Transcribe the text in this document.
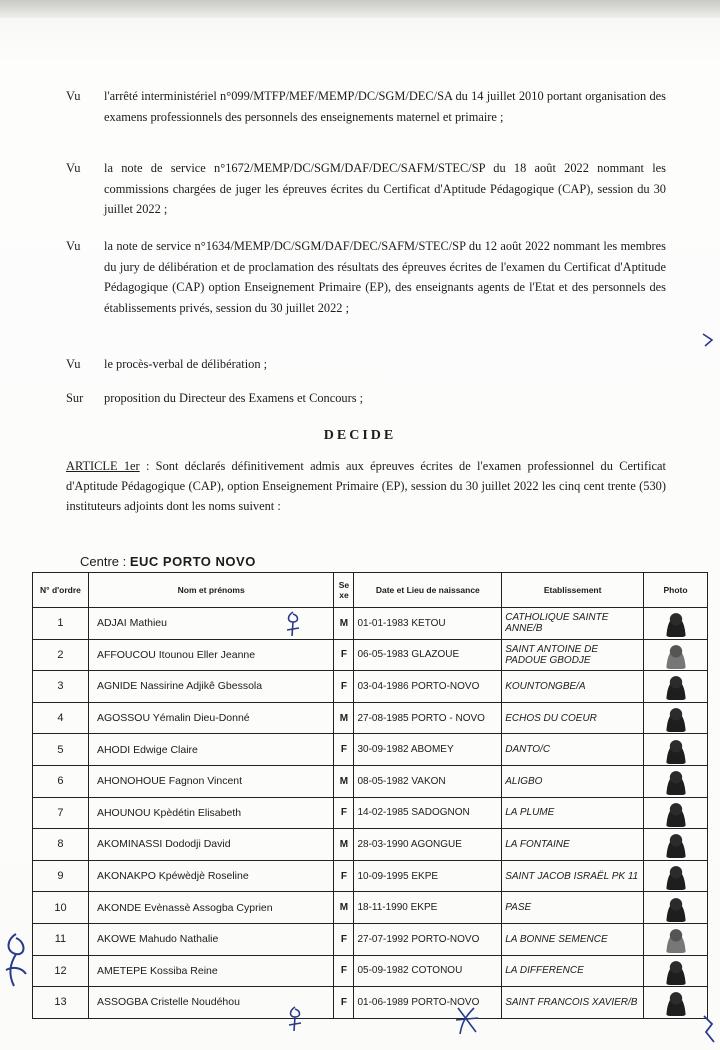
Vu	l'arrêté interministériel n°099/MTFP/MEF/MEMP/DC/SGM/DEC/SA du 14 juillet 2010 portant organisation des examens professionnels des personnels des enseignements maternel et primaire ;
Vu	la note de service n°1672/MEMP/DC/SGM/DAF/DEC/SAFM/STEC/SP du 18 août 2022 nommant les commissions chargées de juger les épreuves écrites du Certificat d'Aptitude Pédagogique (CAP), session du 30 juillet 2022 ;
Vu	la note de service n°1634/MEMP/DC/SGM/DAF/DEC/SAFM/STEC/SP du 12 août 2022 nommant les membres du jury de délibération et de proclamation des résultats des épreuves écrites de l'examen du Certificat d'Aptitude Pédagogique (CAP) option Enseignement Primaire (EP), des enseignants agents de l'Etat et des personnels des établissements privés, session du 30 juillet 2022 ;
Vu	le procès-verbal de délibération ;
Sur	proposition du Directeur des Examens et Concours ;
DECIDE
ARTICLE 1er : Sont déclarés définitivement admis aux épreuves écrites de l'examen professionnel du Certificat d'Aptitude Pédagogique (CAP), option Enseignement Primaire (EP), session du 30 juillet 2022 les cinq cent trente (530) instituteurs adjoints dont les noms suivent :
Centre : EUC PORTO NOVO
N° d'ordre	Nom et prénoms	Se xe	Date et Lieu de naissance	Etablissement	Photo
1	ADJAI Mathieu	M	01-01-1983 KETOU	CATHOLIQUE SAINTE ANNE/B	

2	AFFOUCOU Itounou Eller Jeanne	F	06-05-1983 GLAZOUE	SAINT ANTOINE DE PADOUE GBODJE	

3	AGNIDE Nassirine Adjikê Gbessola	F	03-04-1986 PORTO-NOVO	KOUNTONGBE/A	

4	AGOSSOU Yémalin Dieu-Donné	M	27-08-1985 PORTO - NOVO	ECHOS DU COEUR	

5	AHODI Edwige Claire	F	30-09-1982 ABOMEY	DANTO/C	

6	AHONOHOUE Fagnon Vincent	M	08-05-1982 VAKON	ALIGBO	

7	AHOUNOU Kpèdétin Elisabeth	F	14-02-1985 SADOGNON	LA PLUME	

8	AKOMINASSI Dododji David	M	28-03-1990 AGONGUE	LA FONTAINE	

9	AKONAKPO Kpéwèdjè Roseline	F	10-09-1995 EKPE	SAINT JACOB ISRAËL PK 11	

10	AKONDE Evènassè Assogba Cyprien	M	18-11-1990 EKPE	PASE	

11	AKOWE Mahudo Nathalie	F	27-07-1992 PORTO-NOVO	LA BONNE SEMENCE	

12	AMETEPE Kossiba Reine	F	05-09-1982 COTONOU	LA DIFFERENCE	

13	ASSOGBA Cristelle Noudéhou	F	01-06-1989 PORTO-NOVO	SAINT FRANCOIS XAVIER/B	
